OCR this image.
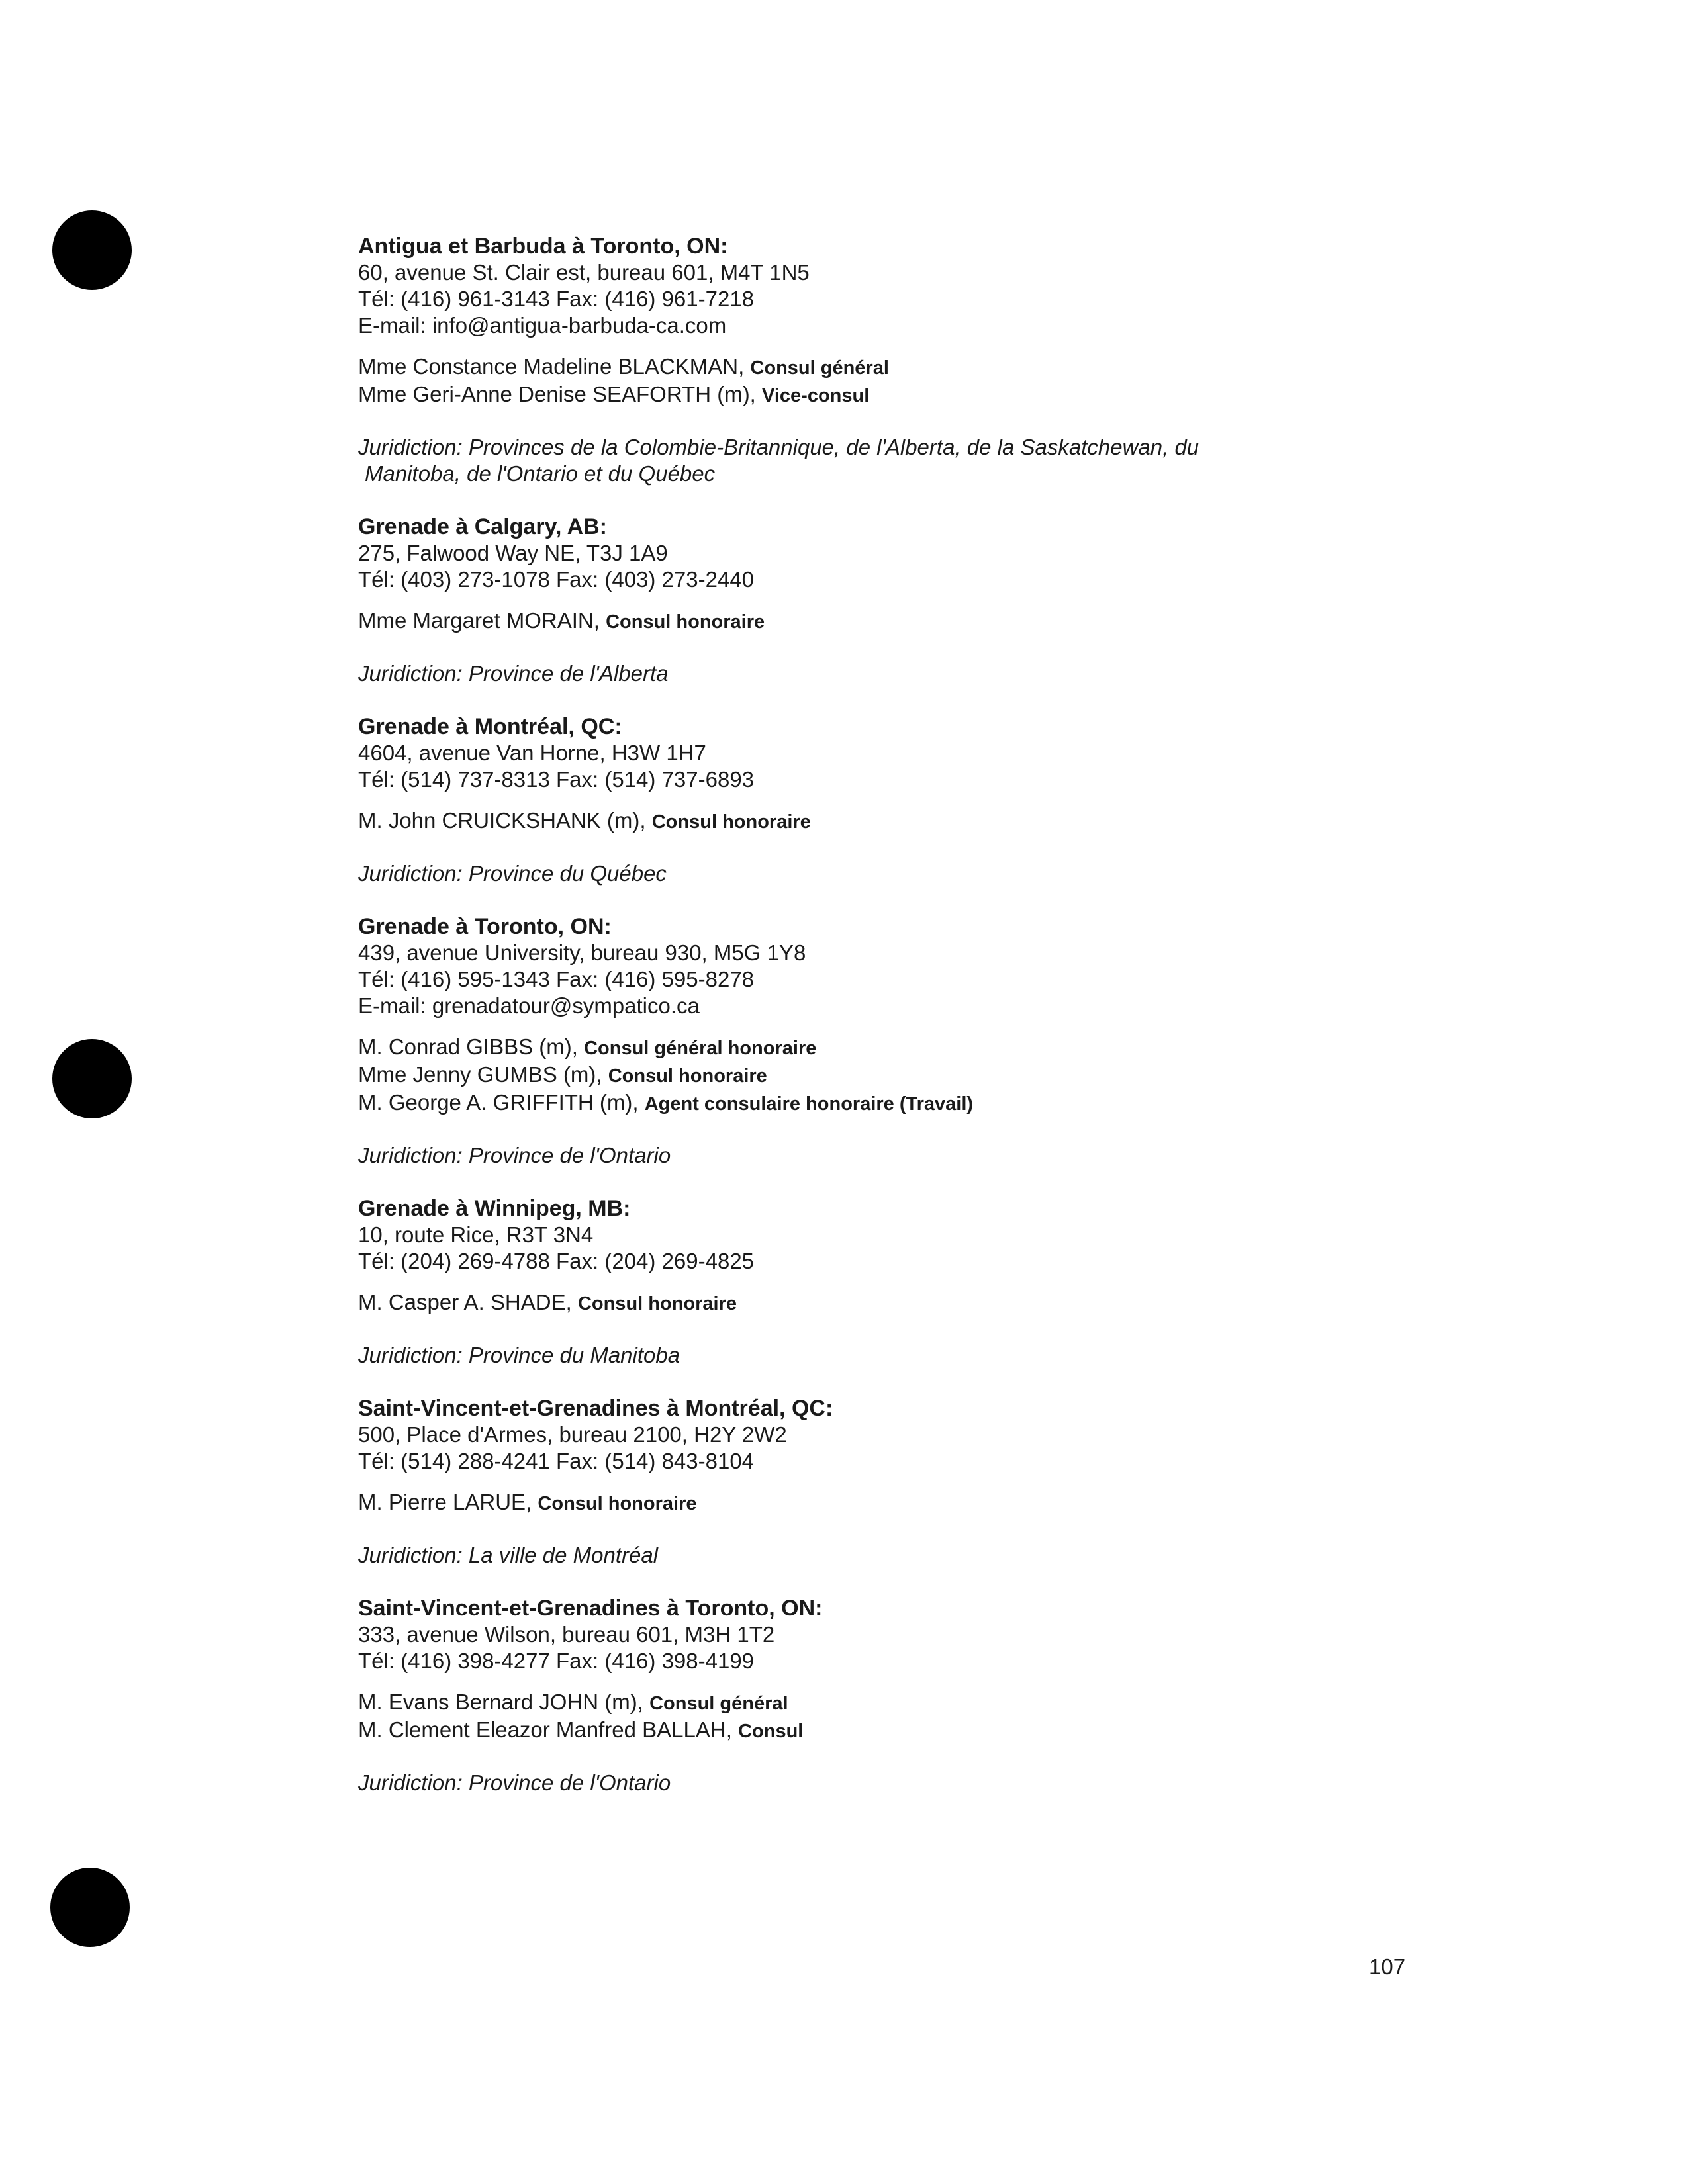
Antigua et Barbuda à Toronto, ON:
60, avenue St. Clair est, bureau 601, M4T 1N5
Tél: (416) 961-3143 Fax: (416) 961-7218
E-mail: info@antigua-barbuda-ca.com
Mme Constance Madeline BLACKMAN, Consul général
Mme Geri-Anne Denise SEAFORTH (m), Vice-consul
Juridiction: Provinces de la Colombie-Britannique, de l'Alberta, de la Saskatchewan, du
Manitoba, de l'Ontario et du Québec
Grenade à Calgary, AB:
275, Falwood Way NE, T3J 1A9
Tél: (403) 273-1078 Fax: (403) 273-2440
Mme Margaret MORAIN, Consul honoraire
Juridiction: Province de l'Alberta
Grenade à Montréal, QC:
4604, avenue Van Horne, H3W 1H7
Tél: (514) 737-8313 Fax: (514) 737-6893
M. John CRUICKSHANK (m), Consul honoraire
Juridiction: Province du Québec
Grenade à Toronto, ON:
439, avenue University, bureau 930, M5G 1Y8
Tél: (416) 595-1343 Fax: (416) 595-8278
E-mail: grenadatour@sympatico.ca
M. Conrad GIBBS (m), Consul général honoraire
Mme Jenny GUMBS (m), Consul honoraire
M. George A. GRIFFITH (m), Agent consulaire honoraire (Travail)
Juridiction: Province de l'Ontario
Grenade à Winnipeg, MB:
10, route Rice, R3T 3N4
Tél: (204) 269-4788 Fax: (204) 269-4825
M. Casper A. SHADE, Consul honoraire
Juridiction: Province du Manitoba
Saint-Vincent-et-Grenadines à Montréal, QC:
500, Place d'Armes, bureau 2100, H2Y 2W2
Tél: (514) 288-4241 Fax: (514) 843-8104
M. Pierre LARUE, Consul honoraire
Juridiction: La ville de Montréal
Saint-Vincent-et-Grenadines à Toronto, ON:
333, avenue Wilson, bureau 601, M3H 1T2
Tél: (416) 398-4277 Fax: (416) 398-4199
M. Evans Bernard JOHN (m), Consul général
M. Clement Eleazor Manfred BALLAH, Consul
Juridiction: Province de l'Ontario
107
